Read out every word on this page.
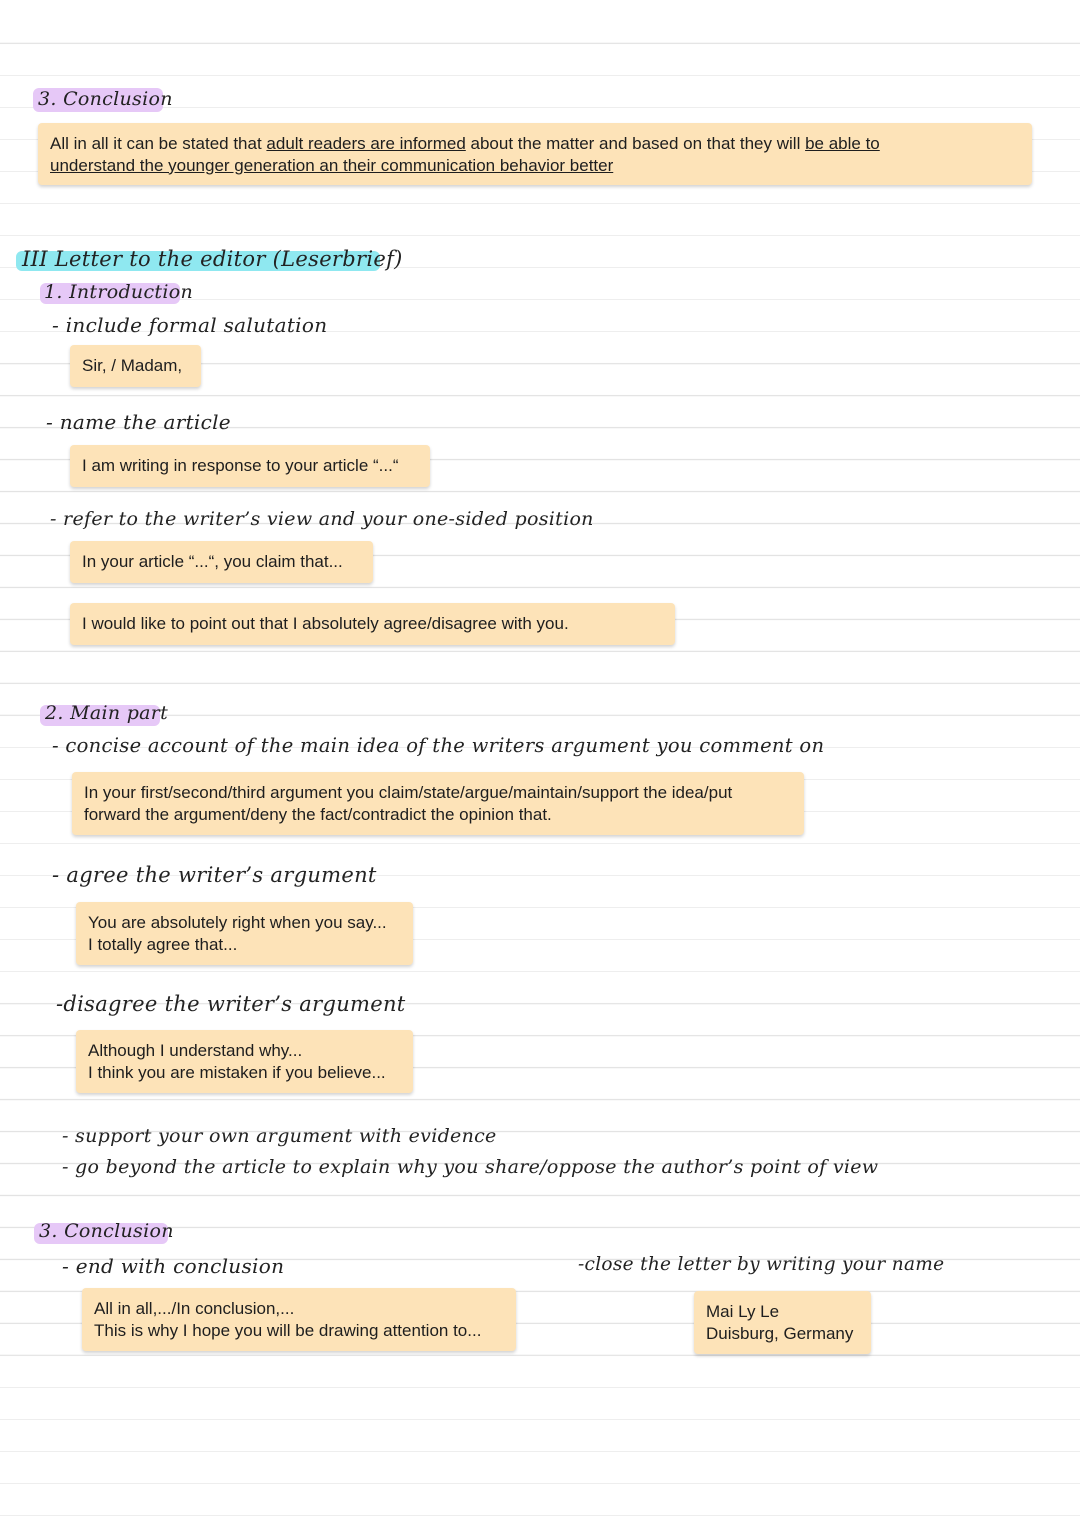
3. Conclusion
All in all it can be stated that adult readers are informed about the matter and based on that they will be able to
understand the younger generation an their communication behavior better
III Letter to the editor (Leserbrief)
1. Introduction
- include formal salutation
Sir, / Madam,
- name the article
I am writing in response to your article “...“
- refer to the writer’s view and your one-sided position
In your article “...“, you claim that...
I would like to point out that I absolutely agree/disagree with you.
2. Main part
- concise account of the main idea of the writers argument you comment on
In your first/second/third argument you claim/state/argue/maintain/support the idea/put
forward the argument/deny the fact/contradict the opinion that.
- agree the writer’s argument
You are absolutely right when you say...
I totally agree that...
-disagree the writer’s argument
Although I understand why...
I think you are mistaken if you believe...
- support your own argument with evidence
- go beyond the article to explain why you share/oppose the author’s point of view
3. Conclusion
- end with conclusion	-close the letter by writing your name
All in all,.../In conclusion,...
This is why I hope you will be drawing attention to...
Mai Ly Le
Duisburg, Germany
